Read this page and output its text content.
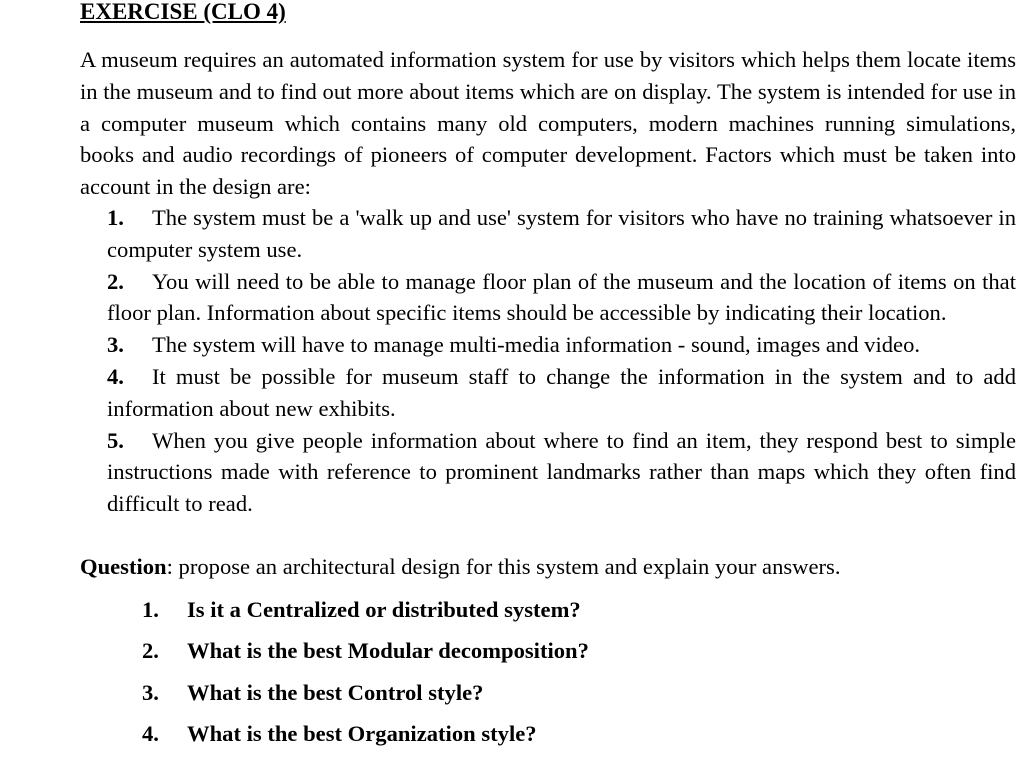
EXERCISE (CLO 4)

A museum requires an automated information system for use by visitors which helps them locate items in the museum and to find out more about items which are on display. The system is intended for use in a computer museum which contains many old computers, modern machines running simulations, books and audio recordings of pioneers of computer development. Factors which must be taken into account in the design are:

1. The system must be a 'walk up and use' system for visitors who have no training whatsoever in computer system use.
2. You will need to be able to manage floor plan of the museum and the location of items on that floor plan. Information about specific items should be accessible by indicating their location.
3. The system will have to manage multi-media information - sound, images and video.
4. It must be possible for museum staff to change the information in the system and to add information about new exhibits.
5. When you give people information about where to find an item, they respond best to simple instructions made with reference to prominent landmarks rather than maps which they often find difficult to read.
Question: propose an architectural design for this system and explain your answers.
1. Is it a Centralized or distributed system?
2. What is the best Modular decomposition?
3. What is the best Control style?
4. What is the best Organization style?
